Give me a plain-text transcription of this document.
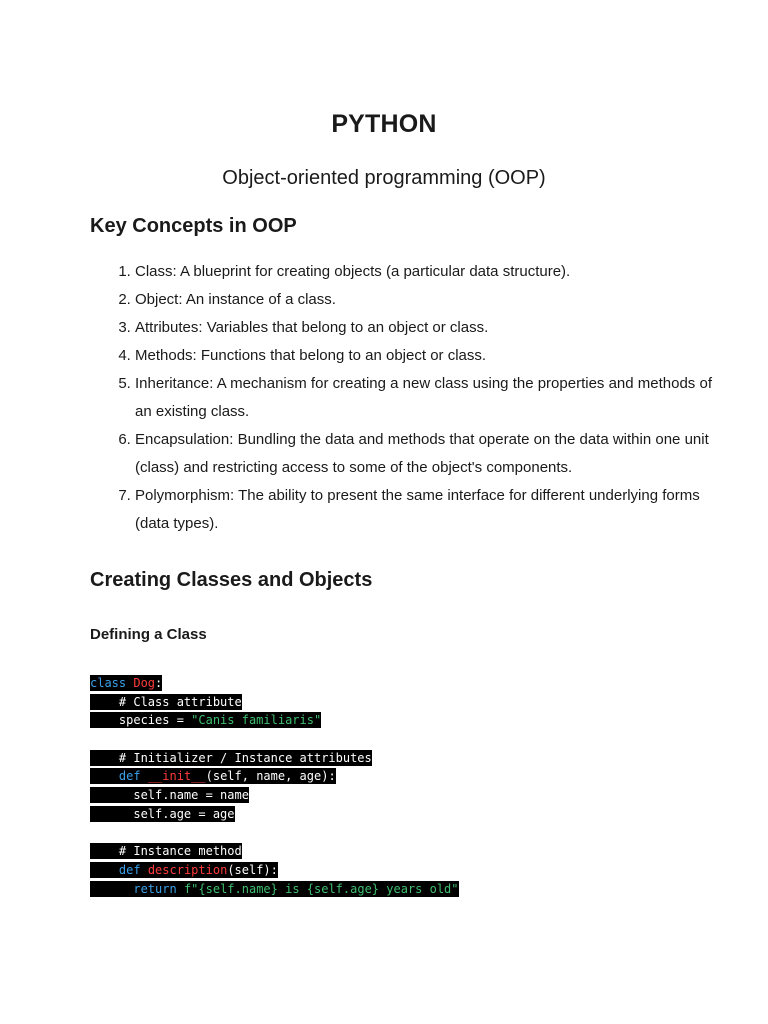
PYTHON
Object-oriented programming (OOP)
Key Concepts in OOP
1. Class: A blueprint for creating objects (a particular data structure).
2. Object: An instance of a class.
3. Attributes: Variables that belong to an object or class.
4. Methods: Functions that belong to an object or class.
5. Inheritance: A mechanism for creating a new class using the properties and methods of an existing class.
6. Encapsulation: Bundling the data and methods that operate on the data within one unit (class) and restricting access to some of the object's components.
7. Polymorphism: The ability to present the same interface for different underlying forms (data types).
Creating Classes and Objects
Defining a Class
class Dog:
# Class attribute
species = "Canis familiaris"
# Initializer / Instance attributes
def __init__(self, name, age):
self.name = name
self.age = age
# Instance method
def description(self):
return f"{self.name} is {self.age} years old"
